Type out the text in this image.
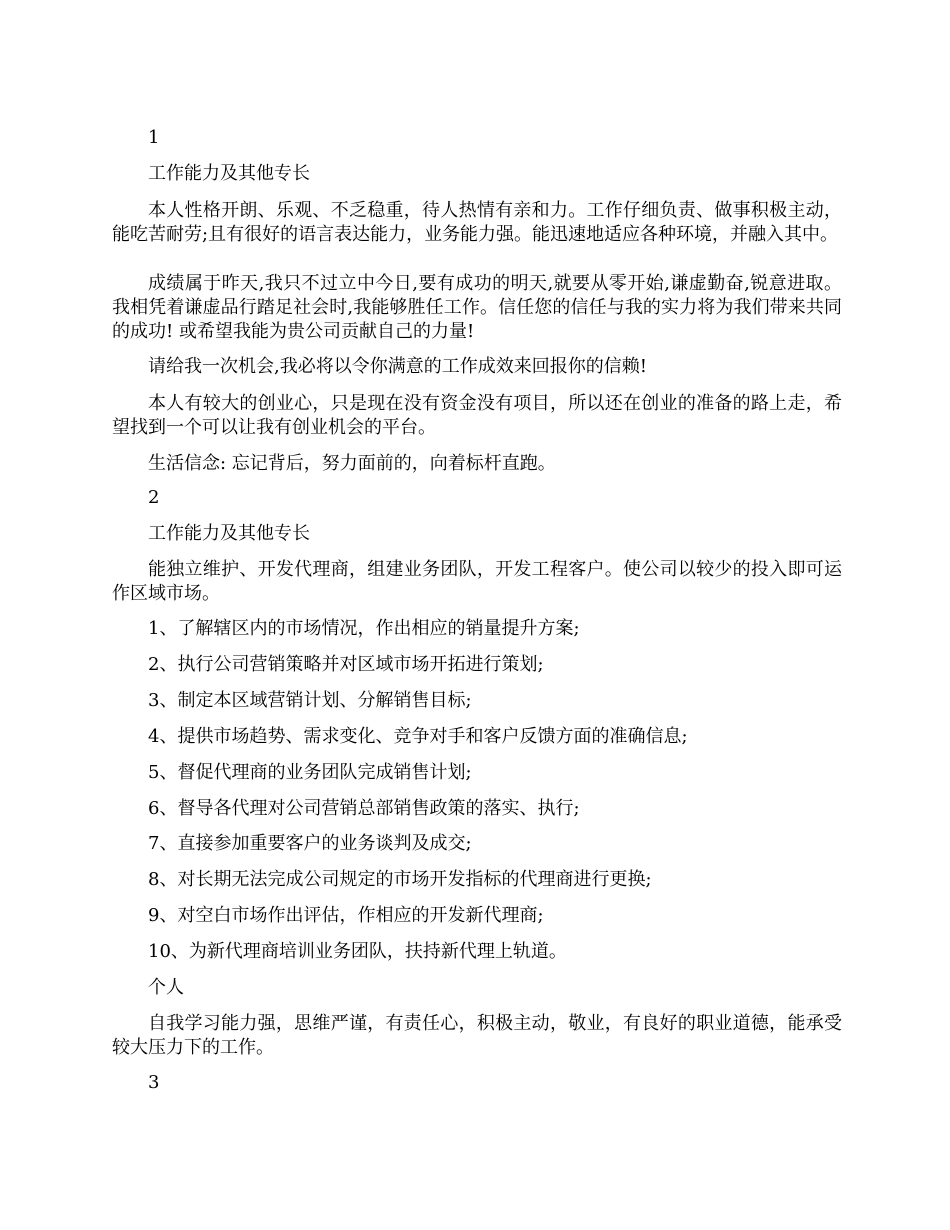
1

工作能力及其他专长

本人性格开朗、乐观、不乏稳重，待人热情有亲和力。工作仔细负责、做事积极主动，能吃苦耐劳;且有很好的语言表达能力，业务能力强。能迅速地适应各种环境，并融入其中。

成绩属于昨天,我只不过立中今日,要有成功的明天,就要从零开始,谦虚勤奋,锐意进取。我相凭着谦虚品行踏足社会时,我能够胜任工作。信任您的信任与我的实力将为我们带来共同的成功! 或希望我能为贵公司贡献自己的力量!

请给我一次机会,我必将以令你满意的工作成效来回报你的信赖!

本人有较大的创业心，只是现在没有资金没有项目，所以还在创业的准备的路上走，希望找到一个可以让我有创业机会的平台。

生活信念: 忘记背后，努力面前的，向着标杆直跑。

2

工作能力及其他专长

能独立维护、开发代理商，组建业务团队，开发工程客户。使公司以较少的投入即可运作区域市场。

1、了解辖区内的市场情况，作出相应的销量提升方案;

2、执行公司营销策略并对区域市场开拓进行策划;

3、制定本区域营销计划、分解销售目标;

4、提供市场趋势、需求变化、竞争对手和客户反馈方面的准确信息;

5、督促代理商的业务团队完成销售计划;

6、督导各代理对公司营销总部销售政策的落实、执行;

7、直接参加重要客户的业务谈判及成交;

8、对长期无法完成公司规定的市场开发指标的代理商进行更换;

9、对空白市场作出评估，作相应的开发新代理商;

10、为新代理商培训业务团队，扶持新代理上轨道。

个人

自我学习能力强，思维严谨，有责任心，积极主动，敬业，有良好的职业道德，能承受较大压力下的工作。

3
